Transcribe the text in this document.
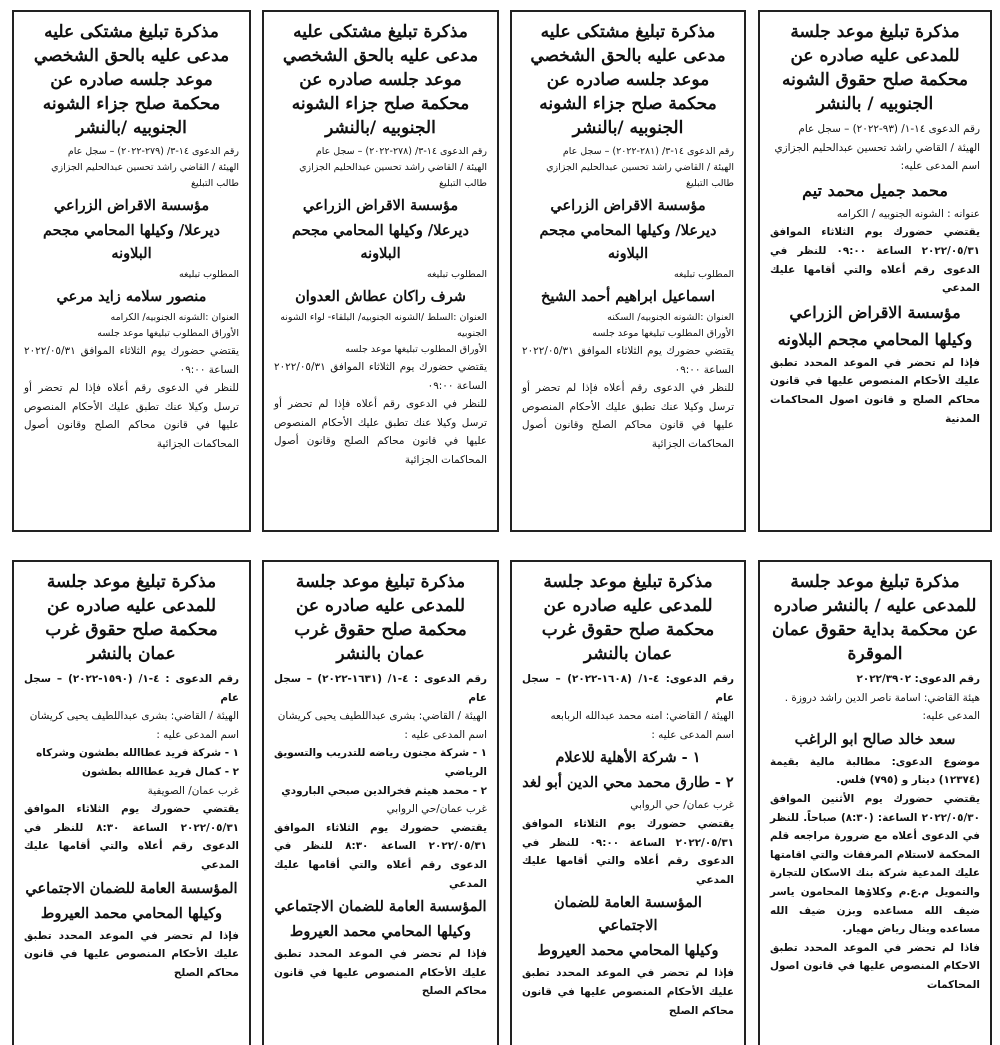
مذكرة تبليغ موعد جلسة للمدعى عليه صادره عن محكمة صلح حقوق الشونه الجنوبيه / بالنشر

رقم الدعوى ١٤-١/ (٩٣-٢٠٢٢) – سجل عام

الهيئة / القاضي راشد تحسين عبدالحليم الجزازي

اسم المدعى عليه:

محمد جميل محمد تيم

عنوانه : الشونه الجنوبيه / الكرامه

يقتضي حضورك يوم الثلاثاء الموافق ٢٠٢٢/٠٥/٣١ الساعة ٠٩:٠٠ للنظر في الدعوى رقم أعلاه والتي أقامها عليك المدعي

مؤسسة الاقراض الزراعي

وكيلها المحامي مجحم البلاونه

فإذا لم تحضر في الموعد المحدد تطبق عليك الأحكام المنصوص عليها في قانون محاكم الصلح و قانون اصول المحاكمات المدنية

مذكرة تبليغ مشتكى عليه مدعى عليه بالحق الشخصي موعد جلسه صادره عن محكمة صلح جزاء الشونه الجنوبيه /بالنشر

رقم الدعوى ١٤-٣/ (٢٨١-٢٠٢٢) – سجل عام

الهيئة / القاضي راشد تحسين عبدالحليم الجزازي

طالب التبليغ

مؤسسة الاقراض الزراعي

ديرعلا/ وكيلها المحامي مجحم البلاونه

المطلوب تبليغه

اسماعيل ابراهيم أحمد الشيخ

العنوان :الشونه الجنوبيه/ السكنه

الأوراق المطلوب تبليغها موعد جلسه

يقتضي حضورك يوم الثلاثاء الموافق ٢٠٢٢/٠٥/٣١ الساعة ٠٩:٠٠

للنظر في الدعوى رقم أعلاه فإذا لم تحضر أو ترسل وكيلا عنك تطبق عليك الأحكام المنصوص عليها في قانون محاكم الصلح وقانون أصول المحاكمات الجزائية

مذكرة تبليغ مشتكى عليه مدعى عليه بالحق الشخصي موعد جلسه صادره عن محكمة صلح جزاء الشونه الجنوبيه /بالنشر

رقم الدعوى ١٤-٣/ (٢٧٨-٢٠٢٢) – سجل عام

الهيئة / القاضي راشد تحسين عبدالحليم الجزازي

طالب التبليغ

مؤسسة الاقراض الزراعي

ديرعلا/ وكيلها المحامي مجحم البلاونه

المطلوب تبليغه

شرف راكان عطاش العدوان

العنوان :السلط /الشونه الجنوبيه/ البلقاء- لواء الشونه الجنوبيه

الأوراق المطلوب تبليغها موعد جلسه

يقتضي حضورك يوم الثلاثاء الموافق ٢٠٢٢/٠٥/٣١ الساعة ٠٩:٠٠

للنظر في الدعوى رقم أعلاه فإذا لم تحضر أو ترسل وكيلا عنك تطبق عليك الأحكام المنصوص عليها في قانون محاكم الصلح وقانون أصول المحاكمات الجزائية

مذكرة تبليغ مشتكى عليه مدعى عليه بالحق الشخصي موعد جلسه صادره عن محكمة صلح جزاء الشونه الجنوبيه /بالنشر

رقم الدعوى ١٤-٣/ (٢٧٩-٢٠٢٢) – سجل عام

الهيئة / القاضي راشد تحسين عبدالحليم الجزازي

طالب التبليغ

مؤسسة الاقراض الزراعي

ديرعلا/ وكيلها المحامي مجحم البلاونه

المطلوب تبليغه

منصور سلامه زايد مرعي

العنوان :الشونه الجنوبيه/ الكرامه

الأوراق المطلوب تبليغها موعد جلسه

يقتضي حضورك يوم الثلاثاء الموافق ٢٠٢٢/٠٥/٣١ الساعة ٠٩:٠٠

للنظر في الدعوى رقم أعلاه فإذا لم تحضر أو ترسل وكيلا عنك تطبق عليك الأحكام المنصوص عليها في قانون محاكم الصلح وقانون أصول المحاكمات الجزائية

مذكرة تبليغ موعد جلسة للمدعى عليه / بالنشر صادره عن محكمة بداية حقوق عمان الموقرة

رقم الدعوى: ٢٠٢٢/٣٩٠٢

هيئة القاضي: اسامة ناصر الدين راشد دروزة .

المدعى عليه:

سعد خالد صالح ابو الراغب

موضوع الدعوى: مطالبة مالية بقيمة (١٢٣٧٤) دينار و (٧٩٥) فلس.

يقتضي حضورك يوم الأثنين الموافق ٢٠٢٢/٠٥/٣٠ الساعة: (٨:٣٠) صباحاً. للنظر في الدعوى أعلاه مع ضرورة مراجعه قلم المحكمة لاستلام المرفقات والتي اقامتها عليك المدعية شركة بنك الاسكان للتجارة والتمويل م.ع.م وكلاؤها المحامون ياسر ضيف الله مساعده وبزن ضيف الله مساعده وينال رياض مهيار.

فاذا لم تحضر في الموعد المحدد تطبق الاحكام المنصوص عليها في قانون اصول المحاكمات

مذكرة تبليغ موعد جلسة للمدعى عليه صادره عن محكمة صلح حقوق غرب عمان بالنشر

رقم الدعوى: ٤-١/ (١٦٠٨-٢٠٢٢) – سجل عام

الهيئة / القاضي: امنه محمد عبدالله الربابعه

اسم المدعى عليه :

١ - شركة الأهلية للاعلام

٢ - طارق محمد محي الدين أبو لغد

غرب عمان/ حي الروابي

يقتضي حضورك يوم الثلاثاء الموافق ٢٠٢٢/٠٥/٣١ الساعة ٠٩:٠٠ للنظر في الدعوى رقم أعلاه والتي أقامها عليك المدعي

المؤسسة العامة للضمان الاجتماعي

وكيلها المحامي محمد العيروط

فإذا لم تحضر في الموعد المحدد تطبق عليك الأحكام المنصوص عليها في قانون محاكم الصلح

مذكرة تبليغ موعد جلسة للمدعى عليه صادره عن محكمة صلح حقوق غرب عمان بالنشر

رقم الدعوى : ٤-١/ (١٦٣١-٢٠٢٢) – سجل عام

الهيئة / القاضي: بشرى عبداللطيف يحيى كريشان

اسم المدعى عليه :

١ - شركة مجنون رياضه للتدريب والتسويق الرياضي

٢ - محمد هيثم فخرالدين صبحي البارودي

غرب عمان/حي الروابي

يقتضي حضورك يوم الثلاثاء الموافق ٢٠٢٢/٠٥/٣١ الساعة ٨:٣٠ للنظر في الدعوى رقم أعلاه والتي أقامها عليك المدعي

المؤسسة العامة للضمان الاجتماعي

وكيلها المحامي محمد العيروط

فإذا لم تحضر في الموعد المحدد تطبق عليك الأحكام المنصوص عليها في قانون محاكم الصلح

مذكرة تبليغ موعد جلسة للمدعى عليه صادره عن محكمة صلح حقوق غرب عمان بالنشر

رقم الدعوى : ٤-١/ (١٥٩٠-٢٠٢٢) – سجل عام

الهيئة / القاضي: بشرى عبداللطيف يحيى كريشان

اسم المدعى عليه :

١ - شركة فريد عطاالله بطشون وشركاه

٢ - كمال فريد عطاالله بطشون

غرب عمان/ الصويفية

يقتضي حضورك يوم الثلاثاء الموافق ٢٠٢٢/٠٥/٣١ الساعة ٨:٣٠ للنظر في الدعوى رقم أعلاه والتي أقامها عليك المدعي

المؤسسة العامة للضمان الاجتماعي

وكيلها المحامي محمد العيروط

فإذا لم تحضر في الموعد المحدد تطبق عليك الأحكام المنصوص عليها في قانون محاكم الصلح
